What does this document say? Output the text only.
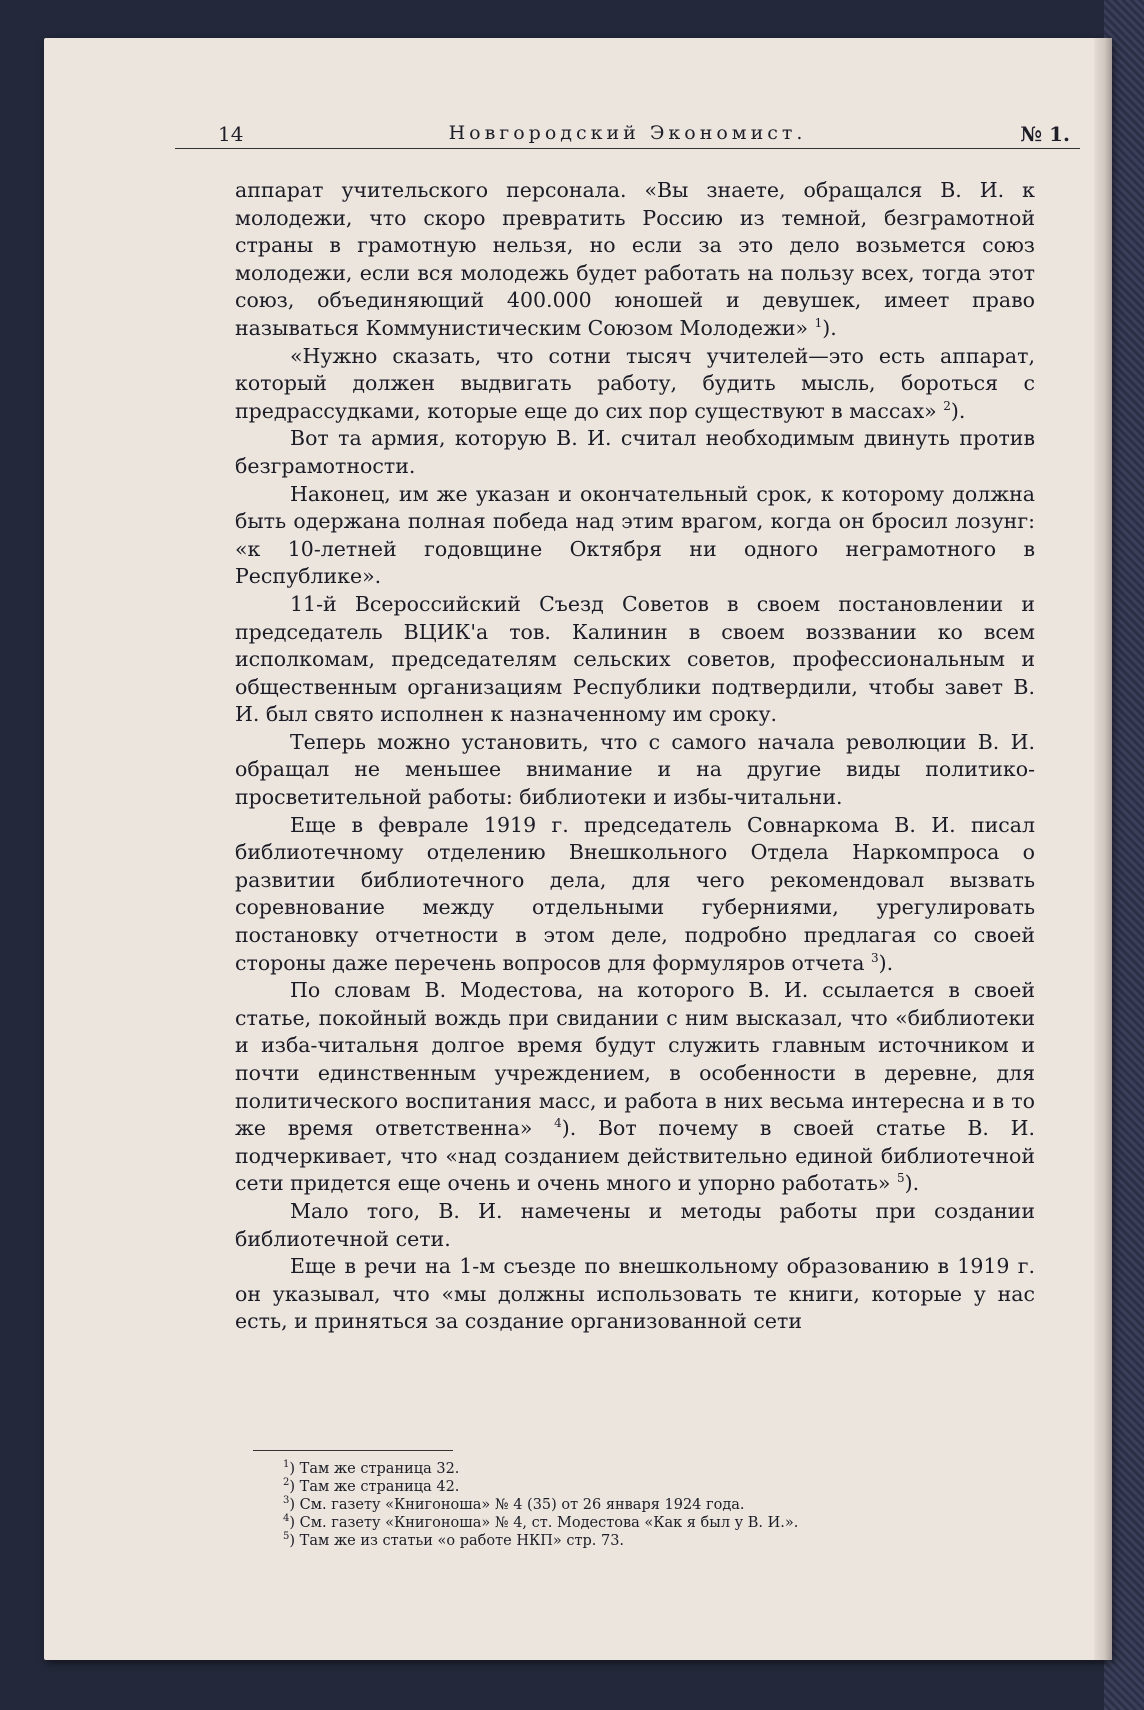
14	Новгородский Экономист.	№ 1.

аппарат учительского персонала. «Вы знаете, обращался В. И. к молодежи, что скоро превратить Россию из темной, безграмотной страны в грамотную нельзя, но если за это дело возьмется союз молодежи, если вся молодежь будет работать на пользу всех, тогда этот союз, объединяющий 400.000 юношей и девушек, имеет право называться Коммунистическим Союзом Молодежи» $^1$).

«Нужно сказать, что сотни тысяч учителей—это есть аппарат, который должен выдвигать работу, будить мысль, бороться с предрассудками, которые еще до сих пор существуют в массах» $^2$).

Вот та армия, которую В. И. считал необходимым двинуть против безграмотности.

Наконец, им же указан и окончательный срок, к которому должна быть одержана полная победа над этим врагом, когда он бросил лозунг: «к 10-летней годовщине Октября ни одного неграмотного в Республике».

11-й Всероссийский Съезд Советов в своем постановлении и председатель ВЦИК'а тов. Калинин в своем воззвании ко всем исполкомам, председателям сельских советов, профессиональным и общественным организациям Республики подтвердили, чтобы завет В. И. был свято исполнен к назначенному им сроку.

Теперь можно установить, что с самого начала революции В. И. обращал не меньшее внимание и на другие виды политико-просветительной работы: библиотеки и избы-читальни.

Еще в феврале 1919 г. председатель Совнаркома В. И. писал библиотечному отделению Внешкольного Отдела Наркомпроса о развитии библиотечного дела, для чего рекомендовал вызвать соревнование между отдельными губерниями, урегулировать постановку отчетности в этом деле, подробно предлагая со своей стороны даже перечень вопросов для формуляров отчета $^3$).

По словам В. Модестова, на которого В. И. ссылается в своей статье, покойный вождь при свидании с ним высказал, что «библиотеки и изба-читальня долгое время будут служить главным источником и почти единственным учреждением, в особенности в деревне, для политического воспитания масс, и работа в них весьма интересна и в то же время ответственна» $^4$). Вот почему в своей статье В. И. подчеркивает, что «над созданием действительно единой библиотечной сети придется еще очень и очень много и упорно работать» $^5$).

Мало того, В. И. намечены и методы работы при создании библиотечной сети.

Еще в речи на 1-м съезде по внешкольному образованию в 1919 г. он указывал, что «мы должны использовать те книги, которые у нас есть, и приняться за создание организованной сети

$^1$) Там же страница 32.
$^2$) Там же страница 42.
$^3$) См. газету «Книгоноша» № 4 (35) от 26 января 1924 года.
$^4$) См. газету «Книгоноша» № 4, ст. Модестова «Как я был у В. И.».
$^5$) Там же из статьи «о работе НКП» стр. 73.
